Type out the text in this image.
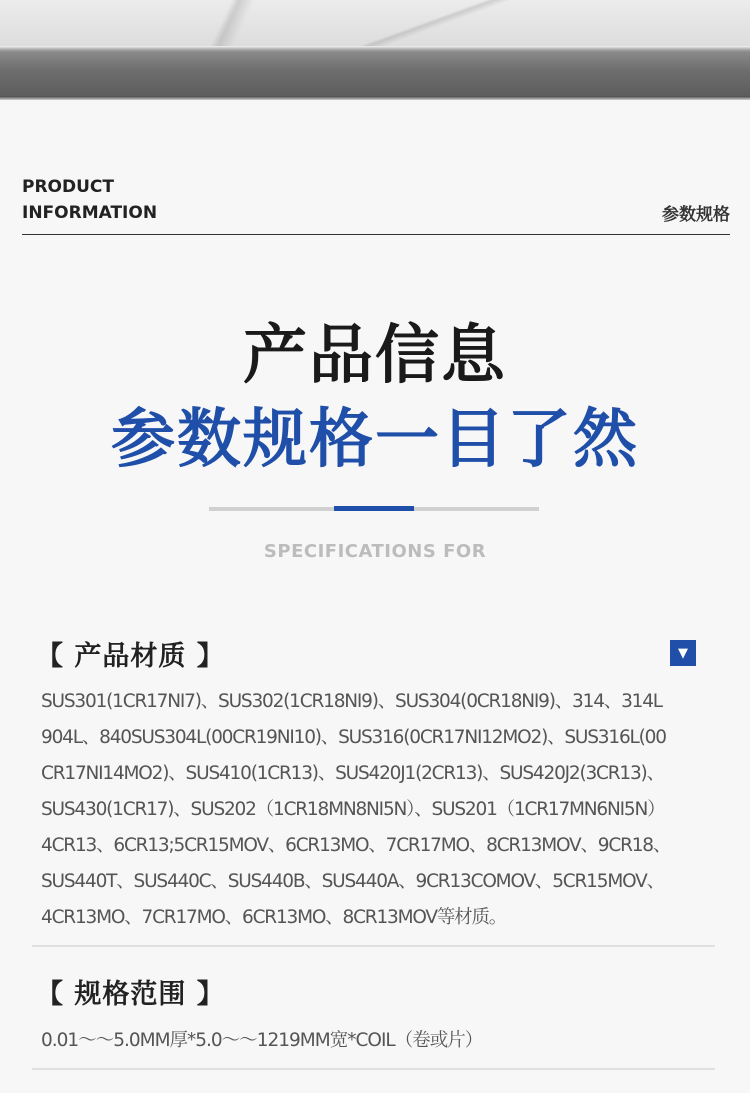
PRODUCT
INFORMATION	参数规格
产品信息
参数规格一目了然
SPECIFICATIONS FOR
【 产品材质 】	▼
SUS301(1CR17NI7)、SUS302(1CR18NI9)、SUS304(0CR18NI9)、314、314L
904L、840SUS304L(00CR19NI10)、SUS316(0CR17NI12MO2)、SUS316L(00
CR17NI14MO2)、SUS410(1CR13)、SUS420J1(2CR13)、SUS420J2(3CR13)、
SUS430(1CR17)、SUS202（1CR18MN8NI5N）、SUS201（1CR17MN6NI5N）
4CR13、6CR13;5CR15MOV、6CR13MO、7CR17MO、8CR13MOV、9CR18、
SUS440T、SUS440C、SUS440B、SUS440A、9CR13COMOV、5CR15MOV、
4CR13MO、7CR17MO、6CR13MO、8CR13MOV等材质。
【 规格范围 】
0.01～～5.0MM厚*5.0～～1219MM宽*COIL（卷或片）
